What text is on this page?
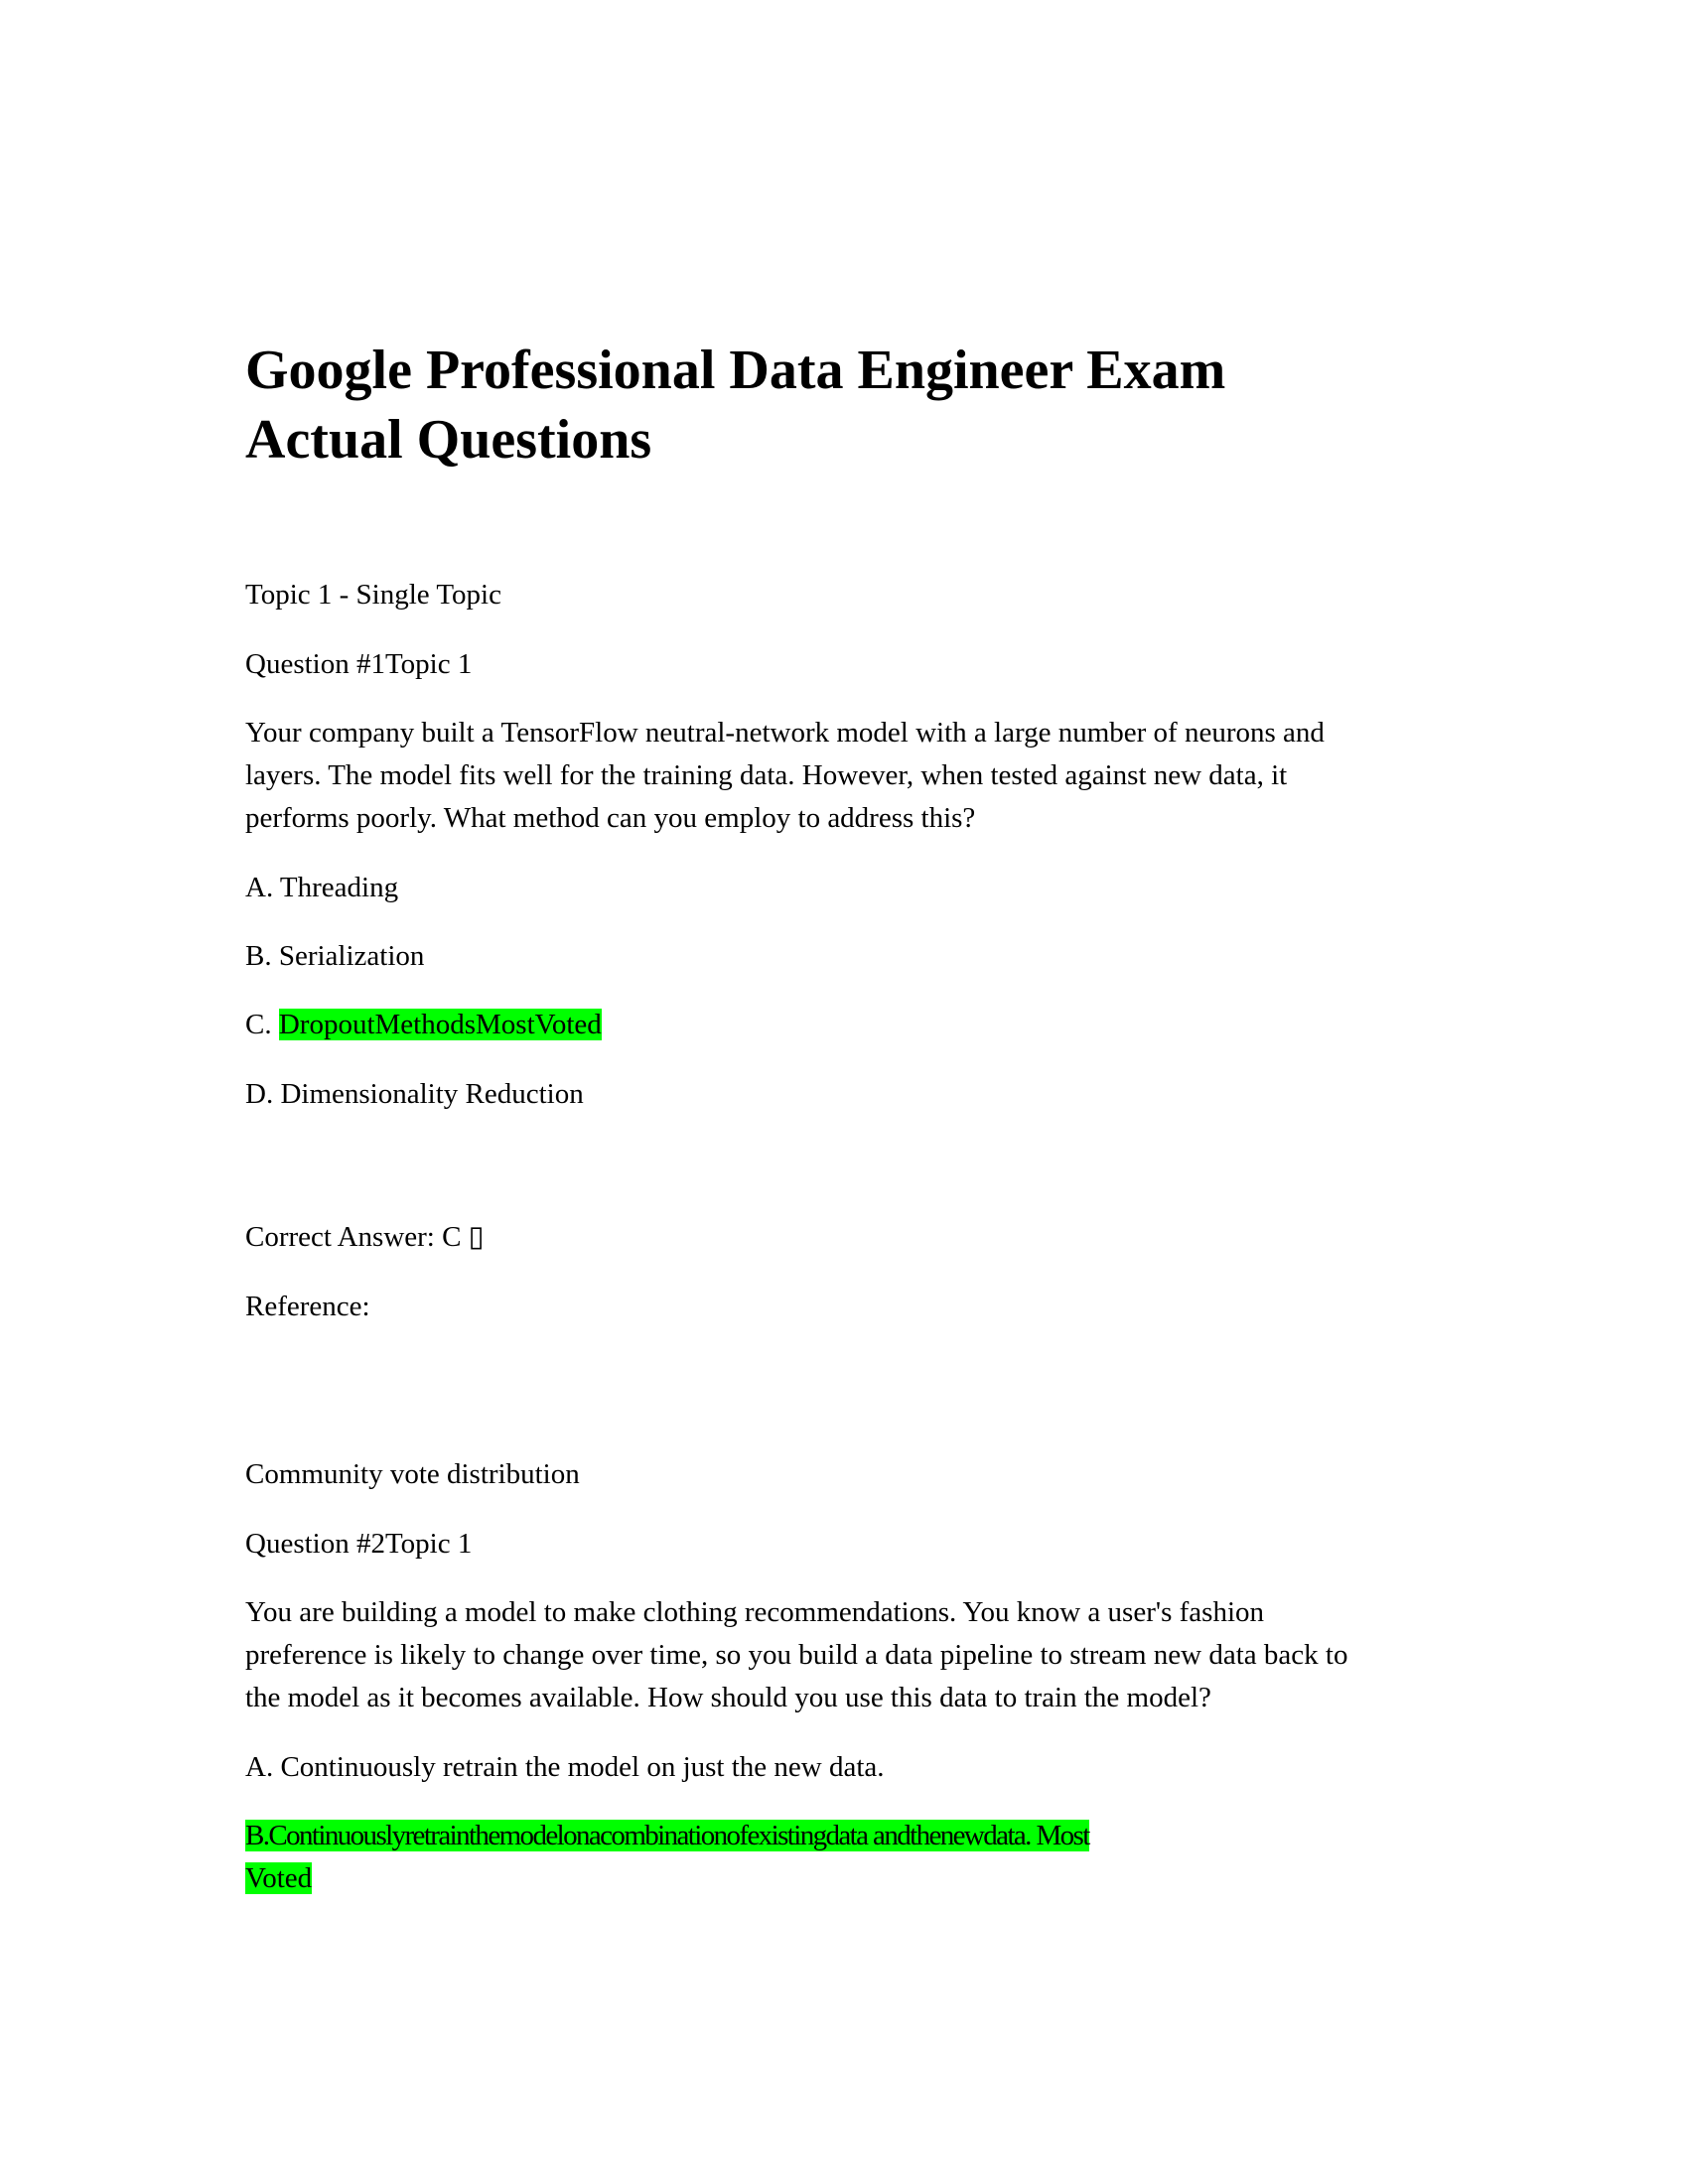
Google Professional Data Engineer Exam
Actual Questions
Topic 1 - Single Topic
Question #1Topic 1
Your company built a TensorFlow neutral-network model with a large number of neurons and
layers. The model fits well for the training data. However, when tested against new data, it
performs poorly. What method can you employ to address this?
A. Threading
B. Serialization
C. DropoutMethodsMostVoted
D. Dimensionality Reduction
Correct Answer: C ▯
Reference:
Community vote distribution
Question #2Topic 1
You are building a model to make clothing recommendations. You know a user's fashion
preference is likely to change over time, so you build a data pipeline to stream new data back to
the model as it becomes available. How should you use this data to train the model?
A. Continuously retrain the model on just the new data.
B.Continuouslyretrainthemodelonacombinationofexistingdata andthenewdata. Most
Voted
